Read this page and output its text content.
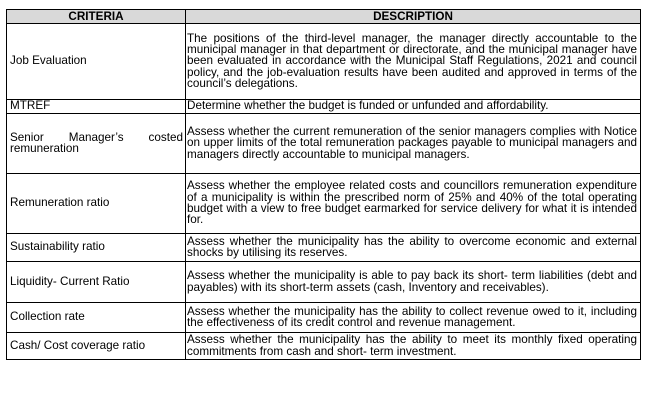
CRITERIA	DESCRIPTION
Job Evaluation	The positions of the third-level manager, the manager directly accountable to the municipal manager in that department or directorate, and the municipal manager have been evaluated in accordance with the Municipal Staff Regulations, 2021 and council policy, and the job-evaluation results have been audited and approved in terms of the council’s delegations.
MTREF	Determine whether the budget is funded or unfunded and affordability.
Senior Manager’s costed remuneration	Assess whether the current remuneration of the senior managers complies with Notice on upper limits of the total remuneration packages payable to municipal managers and managers directly accountable to municipal managers.
Remuneration ratio	Assess whether the employee related costs and councillors remuneration expenditure of a municipality is within the prescribed norm of 25% and 40% of the total operating budget with a view to free budget earmarked for service delivery for what it is intended for.
Sustainability ratio	Assess whether the municipality has the ability to overcome economic and external shocks by utilising its reserves.
Liquidity- Current Ratio	Assess whether the municipality is able to pay back its short- term liabilities (debt and payables) with its short-term assets (cash, Inventory and receivables).
Collection rate	Assess whether the municipality has the ability to collect revenue owed to it, including the effectiveness of its credit control and revenue management.
Cash/ Cost coverage ratio	Assess whether the municipality has the ability to meet its monthly fixed operating commitments from cash and short- term investment.
